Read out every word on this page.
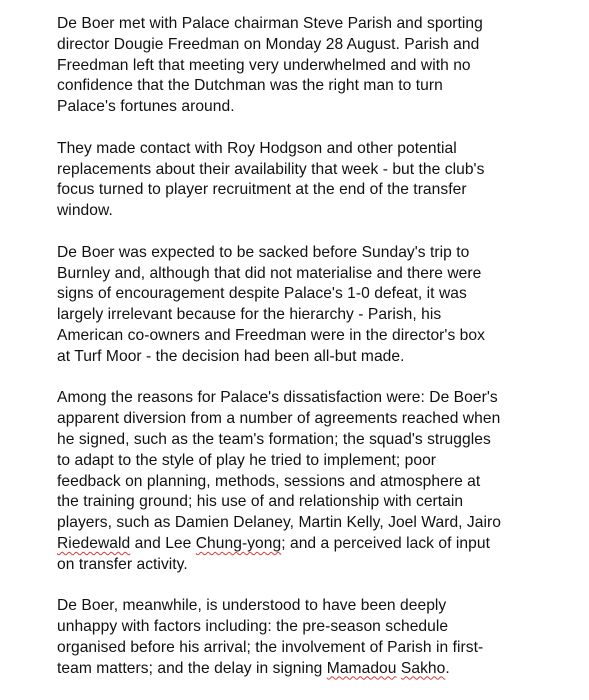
De Boer met with Palace chairman Steve Parish and sporting
director Dougie Freedman on Monday 28 August. Parish and
Freedman left that meeting very underwhelmed and with no
confidence that the Dutchman was the right man to turn
Palace's fortunes around.

They made contact with Roy Hodgson and other potential
replacements about their availability that week - but the club's
focus turned to player recruitment at the end of the transfer
window.

De Boer was expected to be sacked before Sunday's trip to
Burnley and, although that did not materialise and there were
signs of encouragement despite Palace's 1-0 defeat, it was
largely irrelevant because for the hierarchy - Parish, his
American co-owners and Freedman were in the director's box
at Turf Moor - the decision had been all-but made.

Among the reasons for Palace's dissatisfaction were: De Boer's
apparent diversion from a number of agreements reached when
he signed, such as the team's formation; the squad's struggles
to adapt to the style of play he tried to implement; poor
feedback on planning, methods, sessions and atmosphere at
the training ground; his use of and relationship with certain
players, such as Damien Delaney, Martin Kelly, Joel Ward, Jairo
Riedewald and Lee Chung-yong; and a perceived lack of input
on transfer activity.

De Boer, meanwhile, is understood to have been deeply
unhappy with factors including: the pre-season schedule
organised before his arrival; the involvement of Parish in first-
team matters; and the delay in signing Mamadou Sakho.
